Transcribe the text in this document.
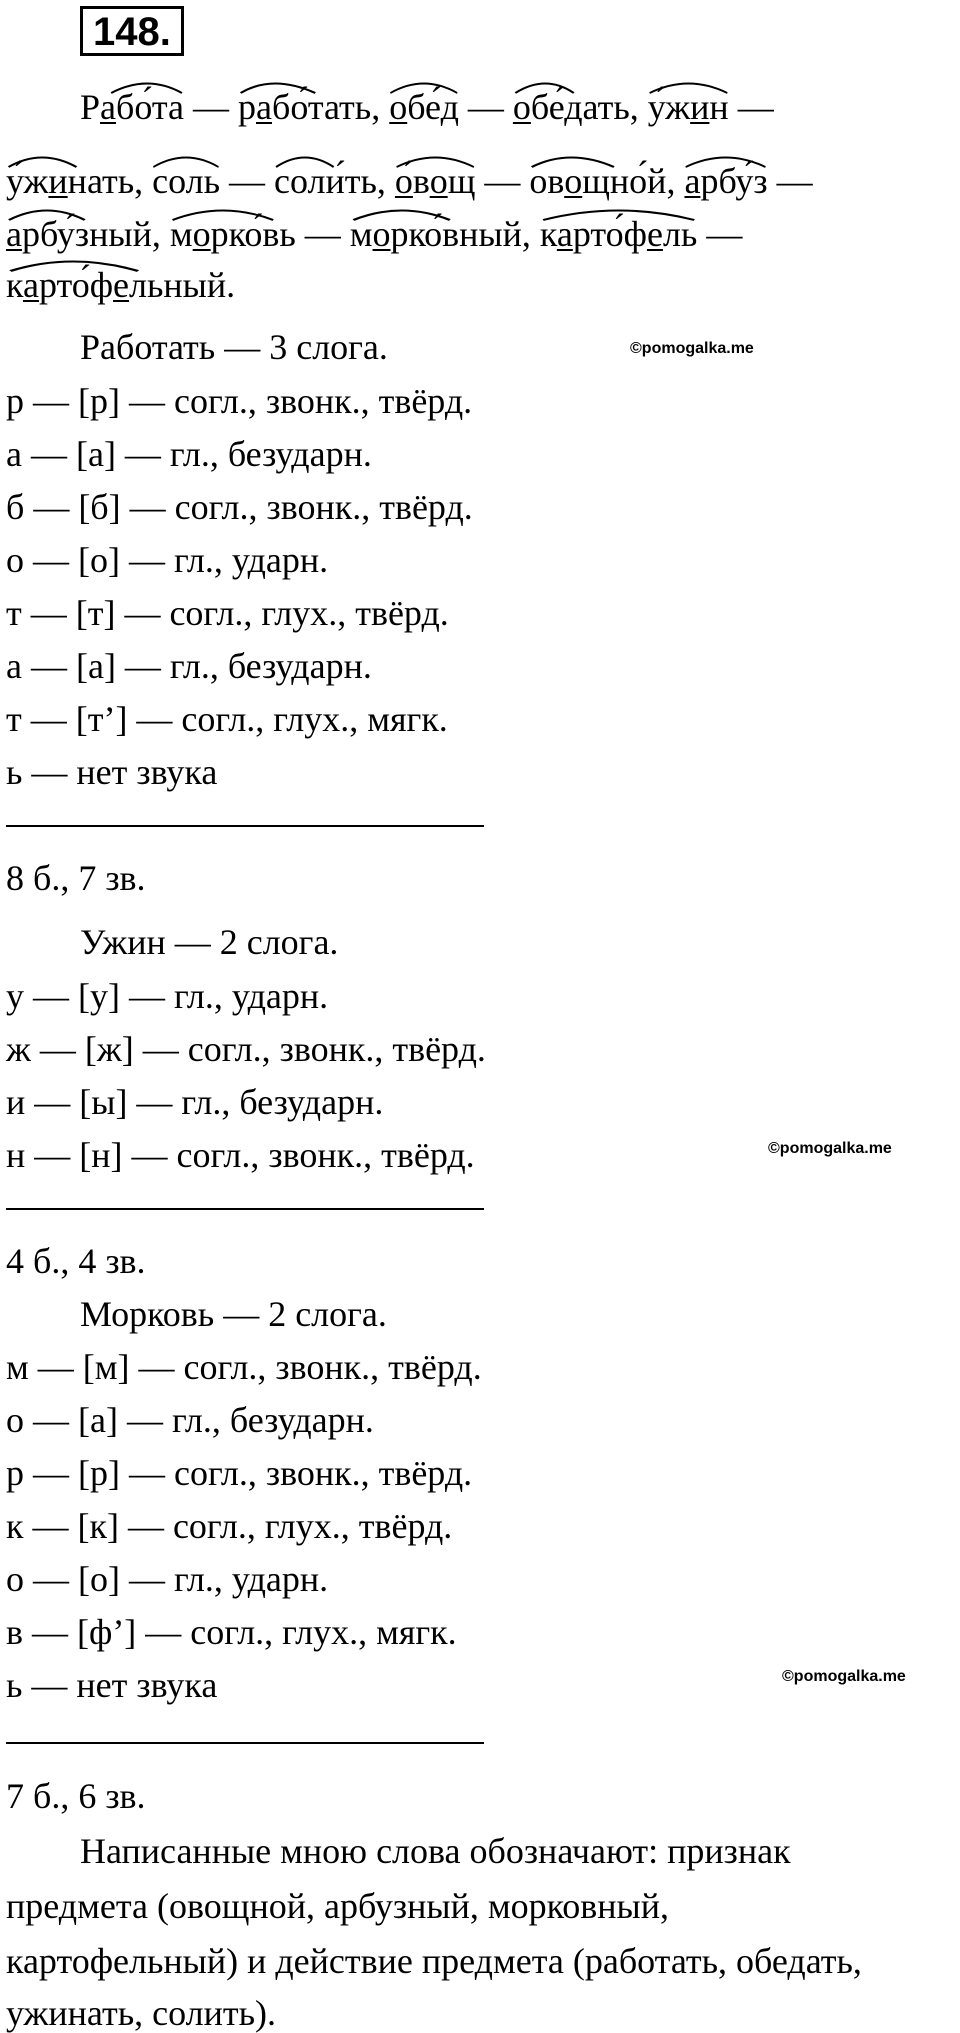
148.
Рабо́та
— рабо́тать
, обе́д
— обе́дать
, у́жин
—
у́жинать
, соль
— соли́ть
, о́вощ
— овощно́й
, арбу́з
—
арбу́зный
, морко́вь
— морко́вный
, карто́фель
—
карто́фельный
.
Работать — 3 слога.	©pomogalka.me
р — [р] — согл., звонк., твёрд.
а — [а] — гл., безударн.
б — [б] — согл., звонк., твёрд.
о — [о] — гл., ударн.
т — [т] — согл., глух., твёрд.
а — [а] — гл., безударн.
т — [т’] — согл., глух., мягк.
ь — нет звука
8 б., 7 зв.
Ужин — 2 слога.
у — [у] — гл., ударн.
ж — [ж] — согл., звонк., твёрд.
и — [ы] — гл., безударн.
н — [н] — согл., звонк., твёрд.	©pomogalka.me
4 б., 4 зв.
Морковь — 2 слога.
м — [м] — согл., звонк., твёрд.
о — [а] — гл., безударн.
р — [р] — согл., звонк., твёрд.
к — [к] — согл., глух., твёрд.
о — [о] — гл., ударн.
в — [ф’] — согл., глух., мягк.
ь — нет звука	©pomogalka.me
7 б., 6 зв.
Написанные мною слова обозначают: признак
предмета (овощной, арбузный, морковный,
картофельный) и действие предмета (работать, обедать,
ужинать, солить).
